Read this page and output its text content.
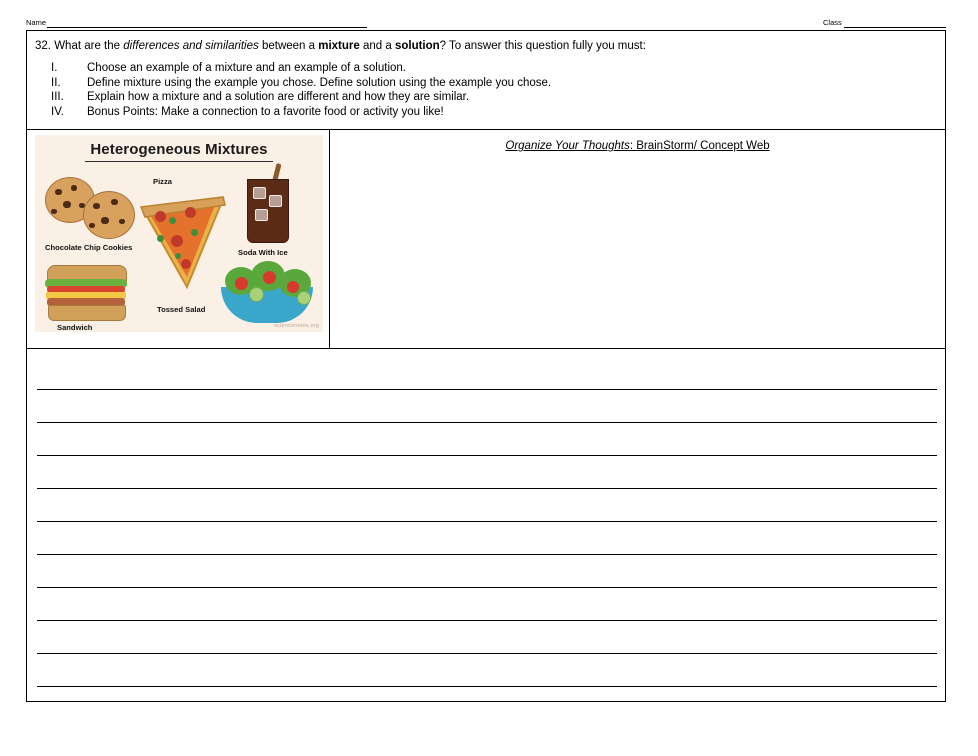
Name	Class
32. What are the differences and similarities between a mixture and a solution? To answer this question fully you must:
I.	Choose an example of a mixture and an example of a solution.
II.	Define mixture using the example you chose. Define solution using the example you chose.
III.	Explain how a mixture and a solution are different and how they are similar.
IV.	Bonus Points: Make a connection to a favorite food or activity you like!
Heterogeneous Mixtures
Chocolate Chip Cookies
Sandwich
Pizza
Soda With Ice
Tossed Salad
sciencenotes.org
Organize Your Thoughts: BrainStorm/ Concept Web
